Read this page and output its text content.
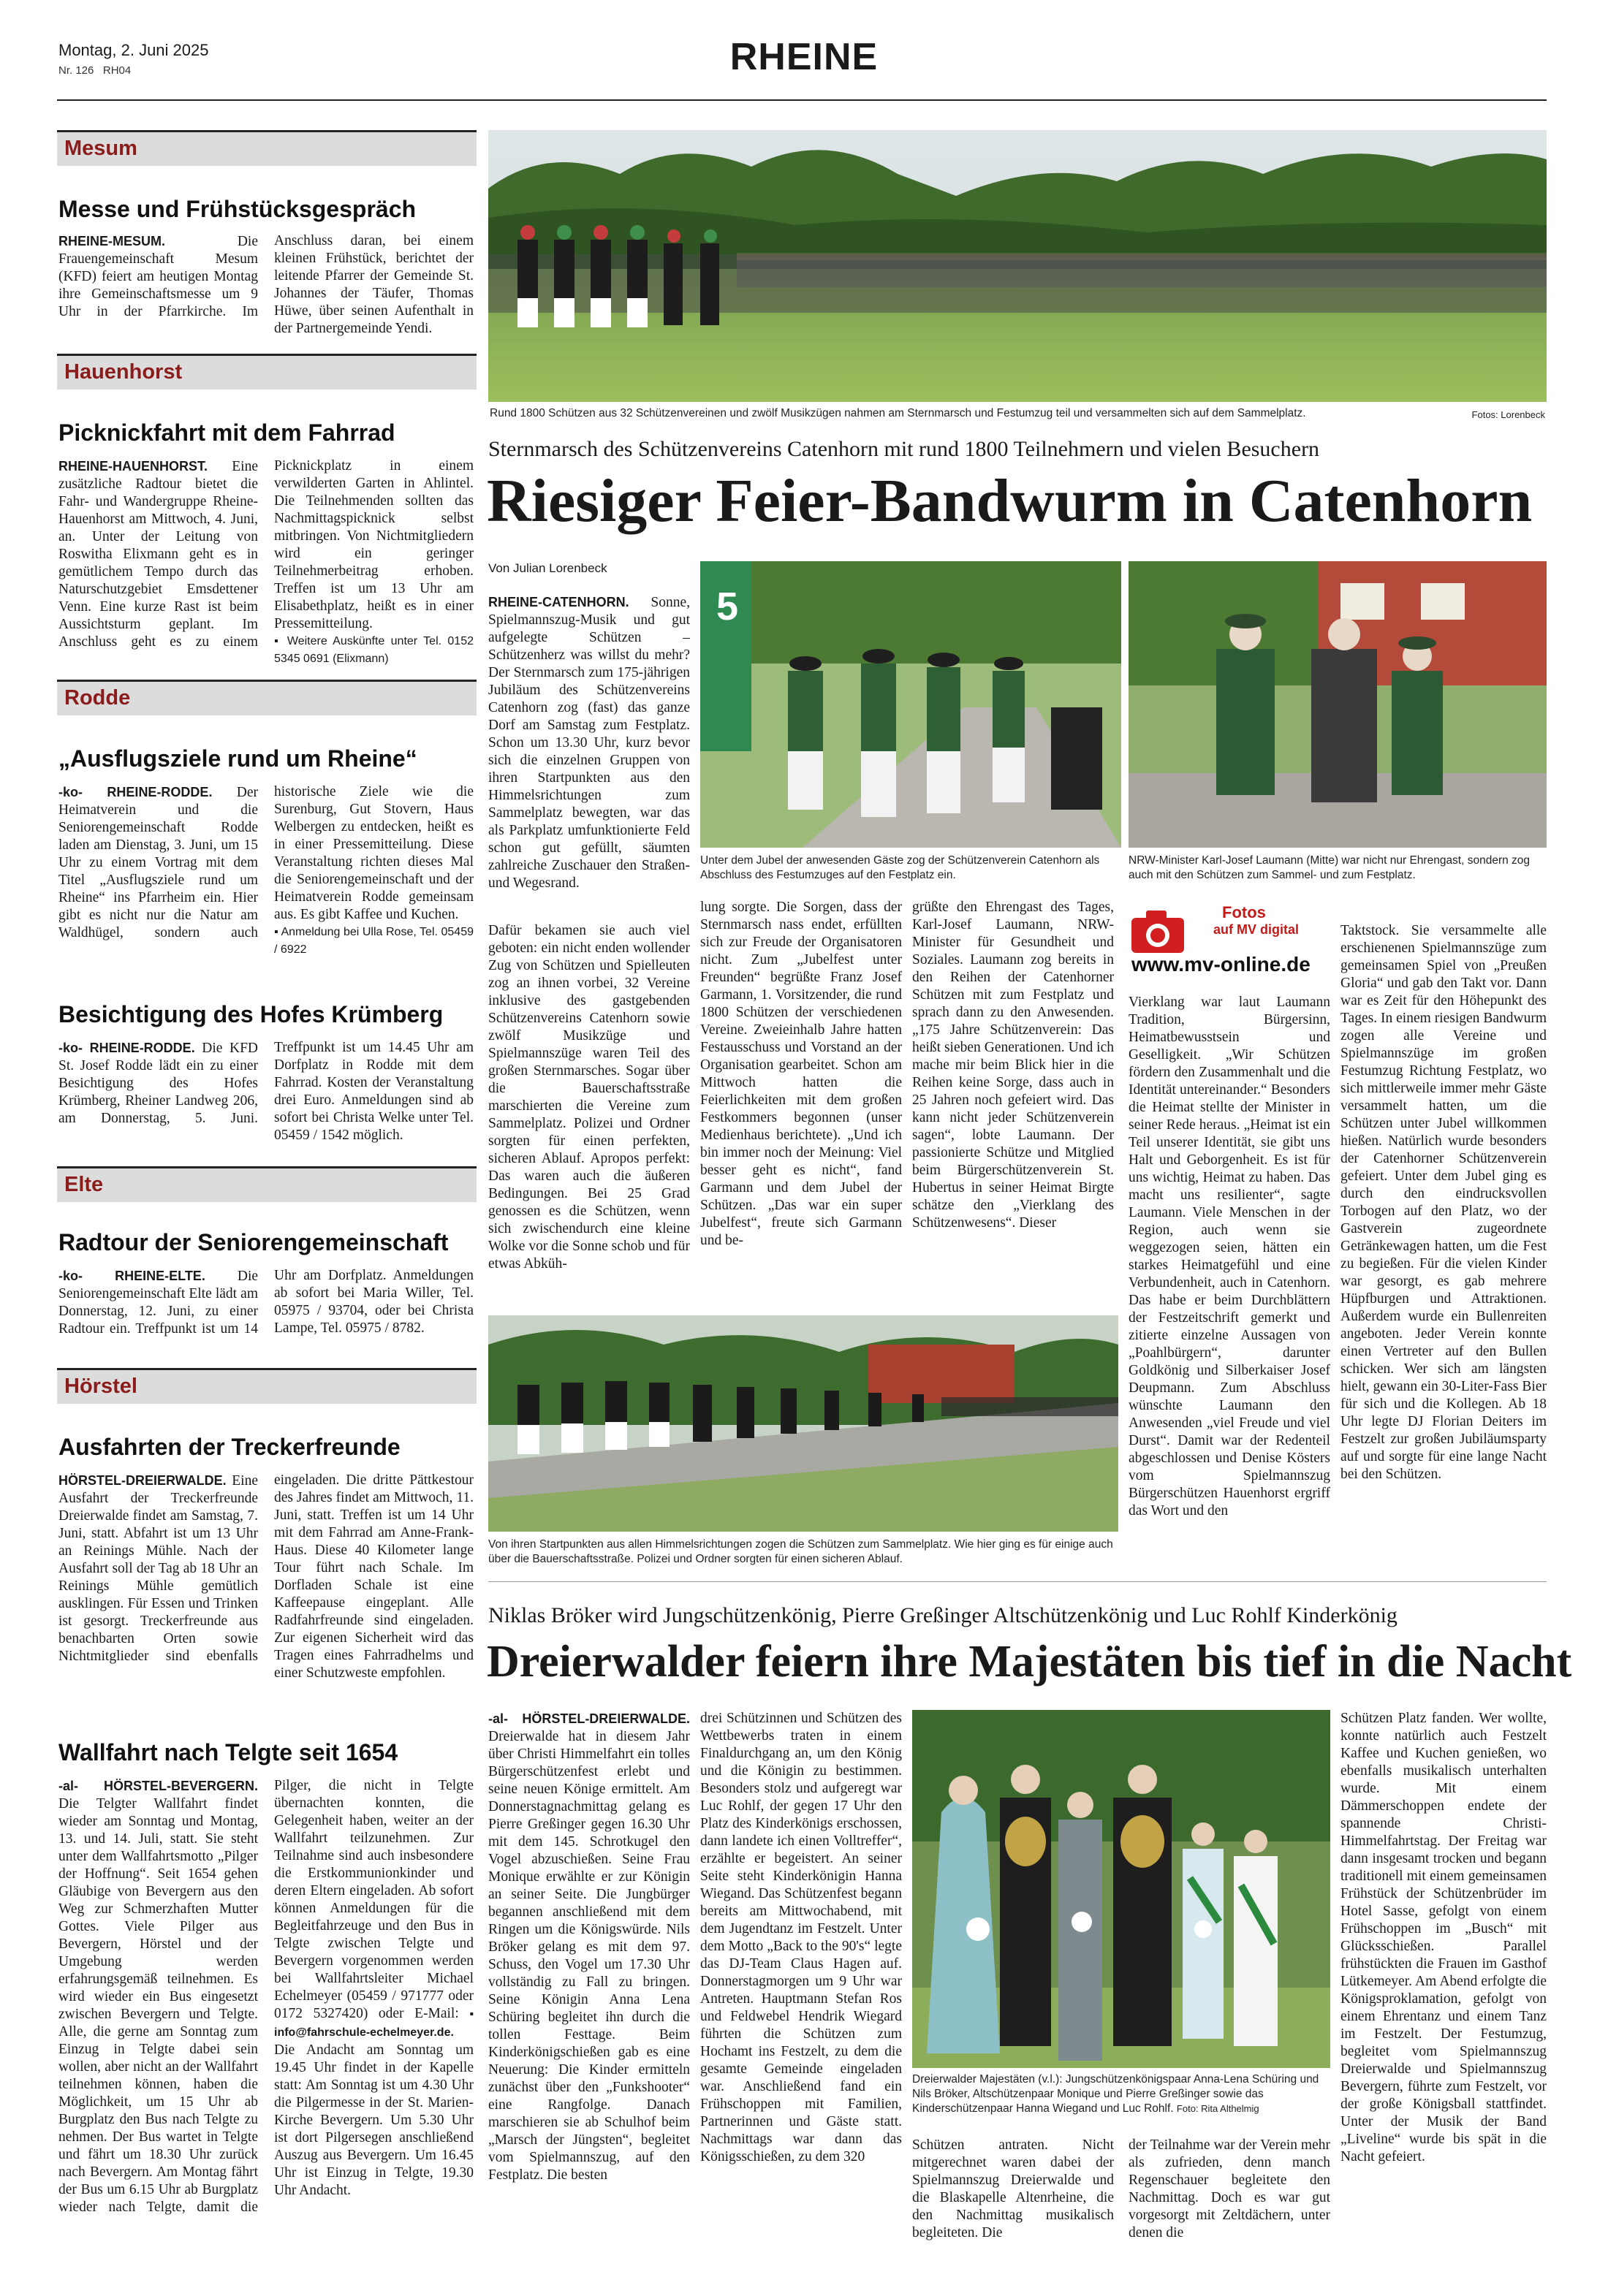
Montag, 2. Juni 2025
Nr. 126 RH04	RHEINE
Mesum
Messe und Frühstücksgespräch
RHEINE-MESUM.	Die Frauengemeinschaft Mesum (KFD) feiert am heutigen Montag ihre Gemeinschaftsmesse um 9 Uhr in der Pfarrkirche. Im Anschluss daran, bei einem kleinen Frühstück, berichtet der leitende Pfarrer der Gemeinde St. Johannes der Täufer, Thomas Hüwe, über seinen Aufenthalt in der Partnergemeinde Yendi.
Hauenhorst
Picknickfahrt mit dem Fahrrad
RHEINE-HAUENHORST. Eine zusätzliche Radtour bietet die Fahr- und Wandergruppe Rheine-Hauenhorst am Mittwoch, 4. Juni, an. Unter der Leitung von Roswitha Elixmann geht es in gemütlichem Tempo durch das Naturschutzgebiet Emsdettener Venn. Eine kurze Rast ist beim Aussichtsturm geplant. Im Anschluss geht es zu einem Picknickplatz in einem verwilderten Garten in Ahlintel. Die Teilnehmenden sollten das Nachmittagspicknick selbst mitbringen. Von Nichtmitgliedern wird ein geringer Teilnehmerbeitrag erhoben. Treffen ist um 13 Uhr am Elisabethplatz, heißt es in einer Pressemitteilung.
▪ Weitere Auskünfte unter Tel. 0152 5345 0691 (Elixmann)
Rodde
„Ausflugsziele rund um Rheine“
-ko- RHEINE-RODDE. Der Heimatverein und die Seniorengemeinschaft Rodde laden am Dienstag, 3. Juni, um 15 Uhr zu einem Vortrag mit dem Titel „Ausflugsziele rund um Rheine“ ins Pfarrheim ein. Hier gibt es nicht nur die Natur am Waldhügel, sondern auch historische Ziele wie die Surenburg, Gut Stovern, Haus Welbergen zu entdecken, heißt es in einer Pressemitteilung. Diese Veranstaltung richten dieses Mal die Seniorengemeinschaft und der Heimatverein Rodde gemeinsam aus. Es gibt Kaffee und Kuchen.
▪ Anmeldung bei Ulla Rose, Tel. 05459 / 6922
Besichtigung des Hofes Krümberg
-ko- RHEINE-RODDE. Die KFD St. Josef Rodde lädt ein zu einer Besichtigung des Hofes Krümberg, Rheiner Landweg 206, am Donnerstag, 5. Juni. Treffpunkt ist um 14.45 Uhr am Dorfplatz in Rodde mit dem Fahrrad. Kosten der Veranstaltung drei Euro. Anmeldungen sind ab sofort bei Christa Welke unter Tel. 05459 / 1542 möglich.
Elte
Radtour der Seniorengemeinschaft
-ko- RHEINE-ELTE. Die Seniorengemeinschaft Elte lädt am Donnerstag, 12. Juni, zu einer Radtour ein. Treffpunkt ist um 14 Uhr am Dorfplatz. Anmeldungen ab sofort bei Maria Willer, Tel. 05975 / 93704, oder bei Christa Lampe, Tel. 05975 / 8782.
Hörstel
Ausfahrten der Treckerfreunde
HÖRSTEL-DREIERWALDE. Eine Ausfahrt der Treckerfreunde Dreierwalde findet am Samstag, 7. Juni, statt. Abfahrt ist um 13 Uhr an Reinings Mühle. Nach der Ausfahrt soll der Tag ab 18 Uhr an Reinings Mühle gemütlich ausklingen. Für Essen und Trinken ist gesorgt. Treckerfreunde aus benachbarten Orten sowie Nichtmitglieder sind ebenfalls eingeladen. Die dritte Pättkestour des Jahres findet am Mittwoch, 11. Juni, statt. Treffen ist um 14 Uhr mit dem Fahrrad am Anne-Frank-Haus. Diese 40 Kilometer lange Tour führt nach Schale. Im Dorfladen Schale ist eine Kaffeepause eingeplant. Alle Radfahrfreunde sind eingeladen. Zur eigenen Sicherheit wird das Tragen eines Fahrradhelms und einer Schutzweste empfohlen.
Wallfahrt nach Telgte seit 1654
-al- HÖRSTEL-BEVERGERN. Die Telgter Wallfahrt findet wieder am Sonntag und Montag, 13. und 14. Juli, statt. Sie steht unter dem Wallfahrtsmotto „Pilger der Hoffnung“. Seit 1654 gehen Gläubige von Bevergern aus den Weg zur Schmerzhaften Mutter Gottes. Viele Pilger aus Bevergern, Hörstel und der Umgebung werden erfahrungsgemäß teilnehmen. Es wird wieder ein Bus eingesetzt zwischen Bevergern und Telgte. Alle, die gerne am Sonntag zum Einzug in Telgte dabei sein wollen, aber nicht an der Wallfahrt teilnehmen können, haben die Möglichkeit, um 15 Uhr ab Burgplatz den Bus nach Telgte zu nehmen. Der Bus wartet in Telgte und fährt um 18.30 Uhr zurück nach Bevergern. Am Montag fährt der Bus um 6.15 Uhr ab Burgplatz wieder nach Telgte, damit die Pilger, die nicht in Telgte übernachten konnten, die Gelegenheit haben, weiter an der Wallfahrt teilzunehmen. Zur Teilnahme sind auch insbesondere die Erstkommunionkinder und deren Eltern eingeladen. Ab sofort können Anmeldungen für die Begleitfahrzeuge und den Bus in Telgte zwischen Telgte und Bevergern vorgenommen werden bei Wallfahrtsleiter Michael Echelmeyer (05459 / 971777 oder 0172 5327420) oder E-Mail: ▪ info@fahrschule-echelmeyer.de. Die Andacht am Sonntag um 19.45 Uhr findet in der Kapelle statt: Am Sonntag ist um 4.30 Uhr die Pilgermesse in der St. Marien-Kirche Bevergern. Um 5.30 Uhr ist dort Pilgersegen anschließend Auszug aus Bevergern. Um 16.45 Uhr ist Einzug in Telgte, 19.30 Uhr Andacht.
Rund 1800 Schützen aus 32 Schützenvereinen und zwölf Musikzügen nahmen am Sternmarsch und Festumzug teil und versammelten sich auf dem Sammelplatz.	Fotos: Lorenbeck
Sternmarsch des Schützenvereins Catenhorn mit rund 1800 Teilnehmern und vielen Besuchern
Riesiger Feier-Bandwurm in Catenhorn
Von Julian Lorenbeck
RHEINE-CATENHORN. Sonne, Spielmannszug-Musik und gut aufgelegte Schützen – Schützenherz was willst du mehr? Der Sternmarsch zum 175-jährigen Jubiläum des Schützenvereins Catenhorn zog (fast) das ganze Dorf am Samstag zum Festplatz. Schon um 13.30 Uhr, kurz bevor sich die einzelnen Gruppen von ihren Startpunkten aus den Himmelsrichtungen zum Sammelplatz bewegten, war das als Parkplatz umfunktionierte Feld schon gut gefüllt, säumten zahlreiche Zuschauer den Straßen- und Wegesrand.
5
Unter dem Jubel der anwesenden Gäste zog der Schützenverein Catenhorn als Abschluss des Festumzuges auf den Festplatz ein.
NRW-Minister Karl-Josef Laumann (Mitte) war nicht nur Ehrengast, sondern zog auch mit den Schützen zum Sammel- und zum Festplatz.
Dafür bekamen sie auch viel geboten: ein nicht enden wollender Zug von Schützen und Spielleuten zog an ihnen vorbei, 32 Vereine inklusive des gastgebenden Schützenvereins Catenhorn sowie zwölf Musikzüge und Spielmannszüge waren Teil des großen Sternmarsches. Sogar über die Bauerschaftsstraße marschierten die Vereine zum Sammelplatz. Polizei und Ordner sorgten für einen perfekten, sicheren Ablauf. Apropos perfekt: Das waren auch die äußeren Bedingungen. Bei 25 Grad genossen es die Schützen, wenn sich zwischendurch eine kleine Wolke vor die Sonne schob und für etwas Abküh-
lung sorgte. Die Sorgen, dass der Sternmarsch nass endet, erfüllten sich zur Freude der Organisatoren nicht. Zum „Jubelfest unter Freunden“ begrüßte Franz Josef Garmann, 1. Vorsitzender, die rund 1800 Schützen der verschiedenen Vereine. Zweieinhalb Jahre hatten Festausschuss und Vorstand an der Organisation gearbeitet. Schon am Mittwoch hatten die Feierlichkeiten mit dem großen Festkommers begonnen (unser Medienhaus berichtete). „Und ich bin immer noch der Meinung: Viel besser geht es nicht“, fand Garmann und dem Jubel der Schützen. „Das war ein super Jubelfest“, freute sich Garmann und be-
grüßte den Ehrengast des Tages, Karl-Josef Laumann, NRW-Minister für Gesundheit und Soziales. Laumann zog bereits in den Reihen der Catenhorner Schützen mit zum Festplatz und sprach dann zu den Anwesenden. „175 Jahre Schützenverein: Das heißt sieben Generationen. Und ich mache mir beim Blick hier in die Reihen keine Sorge, dass auch in 25 Jahren noch gefeiert wird. Das kann nicht jeder Schützenverein sagen“, lobte Laumann. Der passionierte Schütze und Mitglied beim Bürgerschützenverein St. Hubertus in seiner Heimat Birgte schätze den „Vierklang des Schützenwesens“. Dieser
Fotos
auf MV digital
www.mv-online.de
Vierklang war laut Laumann Tradition, Bürgersinn, Heimatbewusstsein und Geselligkeit. „Wir Schützen fördern den Zusammenhalt und die Identität untereinander.“ Besonders die Heimat stellte der Minister in seiner Rede heraus. „Heimat ist ein Teil unserer Identität, sie gibt uns Halt und Geborgenheit. Es ist für uns wichtig, Heimat zu haben. Das macht uns resilienter“, sagte Laumann. Viele Menschen in der Region, auch wenn sie weggezogen seien, hätten ein starkes Heimatgefühl und eine Verbundenheit, auch in Catenhorn. Das habe er beim Durchblättern der Festzeitschrift gemerkt und zitierte einzelne Aussagen von „Poahlbürgern“, darunter Goldkönig und Silberkaiser Josef Deupmann. Zum Abschluss wünschte Laumann den Anwesenden „viel Freude und viel Durst“. Damit war der Redenteil abgeschlossen und Denise Kösters vom Spielmannszug Bürgerschützen Hauenhorst ergriff das Wort und den
Taktstock. Sie versammelte alle erschienenen Spielmannszüge zum gemeinsamen Spiel von „Preußen Gloria“ und gab den Takt vor. Dann war es Zeit für den Höhepunkt des Tages. In einem riesigen Bandwurm zogen alle Vereine und Spielmannszüge im großen Festumzug Richtung Festplatz, wo sich mittlerweile immer mehr Gäste versammelt hatten, um die Schützen unter Jubel willkommen hießen. Natürlich wurde besonders der Catenhorner Schützenverein gefeiert. Unter dem Jubel ging es durch den eindrucksvollen Torbogen auf den Platz, wo der Gastverein zugeordnete Getränkewagen hatten, um die Fest zu begießen. Für die vielen Kinder war gesorgt, es gab mehrere Hüpfburgen und Attraktionen. Außerdem wurde ein Bullenreiten angeboten. Jeder Verein konnte einen Vertreter auf den Bullen schicken. Wer sich am längsten hielt, gewann ein 30-Liter-Fass Bier für sich und die Kollegen. Ab 18 Uhr legte DJ Florian Deiters im Festzelt zur großen Jubiläumsparty auf und sorgte für eine lange Nacht bei den Schützen.
Von ihren Startpunkten aus allen Himmelsrichtungen zogen die Schützen zum Sammelplatz. Wie hier ging es für einige auch über die Bauerschaftsstraße. Polizei und Ordner sorgten für einen sicheren Ablauf.
Niklas Bröker wird Jungschützenkönig, Pierre Greßinger Altschützenkönig und Luc Rohlf Kinderkönig
Dreierwalder feiern ihre Majestäten bis tief in die Nacht
-al- HÖRSTEL-DREIERWALDE. Dreierwalde hat in diesem Jahr über Christi Himmelfahrt ein tolles Bürgerschützenfest erlebt und seine neuen Könige ermittelt. Am Donnerstagnachmittag gelang es Pierre Greßinger gegen 16.30 Uhr mit dem 145. Schrotkugel den Vogel abzuschießen. Seine Frau Monique erwählte er zur Königin an seiner Seite. Die Jungbürger begannen anschließend mit dem Ringen um die Königswürde. Nils Bröker gelang es mit dem 97. Schuss, den Vogel um 17.30 Uhr vollständig zu Fall zu bringen. Seine Königin Anna Lena Schüring begleitet ihn durch die tollen Festtage. Beim Kinderkönigschießen gab es eine Neuerung: Die Kinder ermitteln zunächst über den „Funkshooter“ eine Rangfolge. Danach marschieren sie ab Schulhof beim „Marsch der Jüngsten“, begleitet vom Spielmannszug, auf den Festplatz. Die besten
drei Schützinnen und Schützen des Wettbewerbs traten in einem Finaldurchgang an, um den König und die Königin zu bestimmen. Besonders stolz und aufgeregt war Luc Rohlf, der gegen 17 Uhr den Platz des Kinderkönigs erschossen, dann landete ich einen Volltreffer“, erzählte er begeistert. An seiner Seite steht Kinderkönigin Hanna Wiegand. Das Schützenfest begann bereits am Mittwochabend, mit dem Jugendtanz im Festzelt. Unter dem Motto „Back to the 90's“ legte das DJ-Team Claus Hagen auf. Donnerstagmorgen um 9 Uhr war Antreten. Hauptmann Stefan Ros und Feldwebel Hendrik Wiegard führten die Schützen zum Hochamt ins Festzelt, zu dem die gesamte Gemeinde eingeladen war. Anschließend fand ein Frühschoppen mit Familien, Partnerinnen und Gäste statt. Nachmittags war dann das Königsschießen, zu dem 320
Dreierwalder Majestäten (v.l.): Jungschützenkönigspaar Anna-Lena Schüring und Nils Bröker, Altschützenpaar Monique und Pierre Greßinger sowie das Kinderschützenpaar Hanna Wiegand und Luc Rohlf. Foto: Rita Althelmig
Schützen antraten. Nicht mitgerechnet waren dabei der Spielmannszug Dreierwalde und die Blaskapelle Altenrheine, die den Nachmittag musikalisch begleiteten. Die
der Teilnahme war der Verein mehr als zufrieden, denn manch Regenschauer begleitete den Nachmittag. Doch es war gut vorgesorgt mit Zeltdächern, unter denen die
Schützen Platz fanden. Wer wollte, konnte natürlich auch Festzelt Kaffee und Kuchen genießen, wo ebenfalls musikalisch unterhalten wurde. Mit einem Dämmerschoppen endete der spannende Christi-Himmelfahrtstag. Der Freitag war dann insgesamt trocken und begann traditionell mit einem gemeinsamen Frühstück der Schützenbrüder im Hotel Sasse, gefolgt von einem Frühschoppen im „Busch“ mit Glücksschießen. Parallel frühstückten die Frauen im Gasthof Lütkemeyer. Am Abend erfolgte die Königsproklamation, gefolgt von einem Ehrentanz und einem Tanz im Festzelt. Der Festumzug, begleitet vom Spielmannszug Dreierwalde und Spielmannszug Bevergern, führte zum Festzelt, vor der große Königsball stattfindet. Unter der Musik der Band „Liveline“ wurde bis spät in die Nacht gefeiert.
